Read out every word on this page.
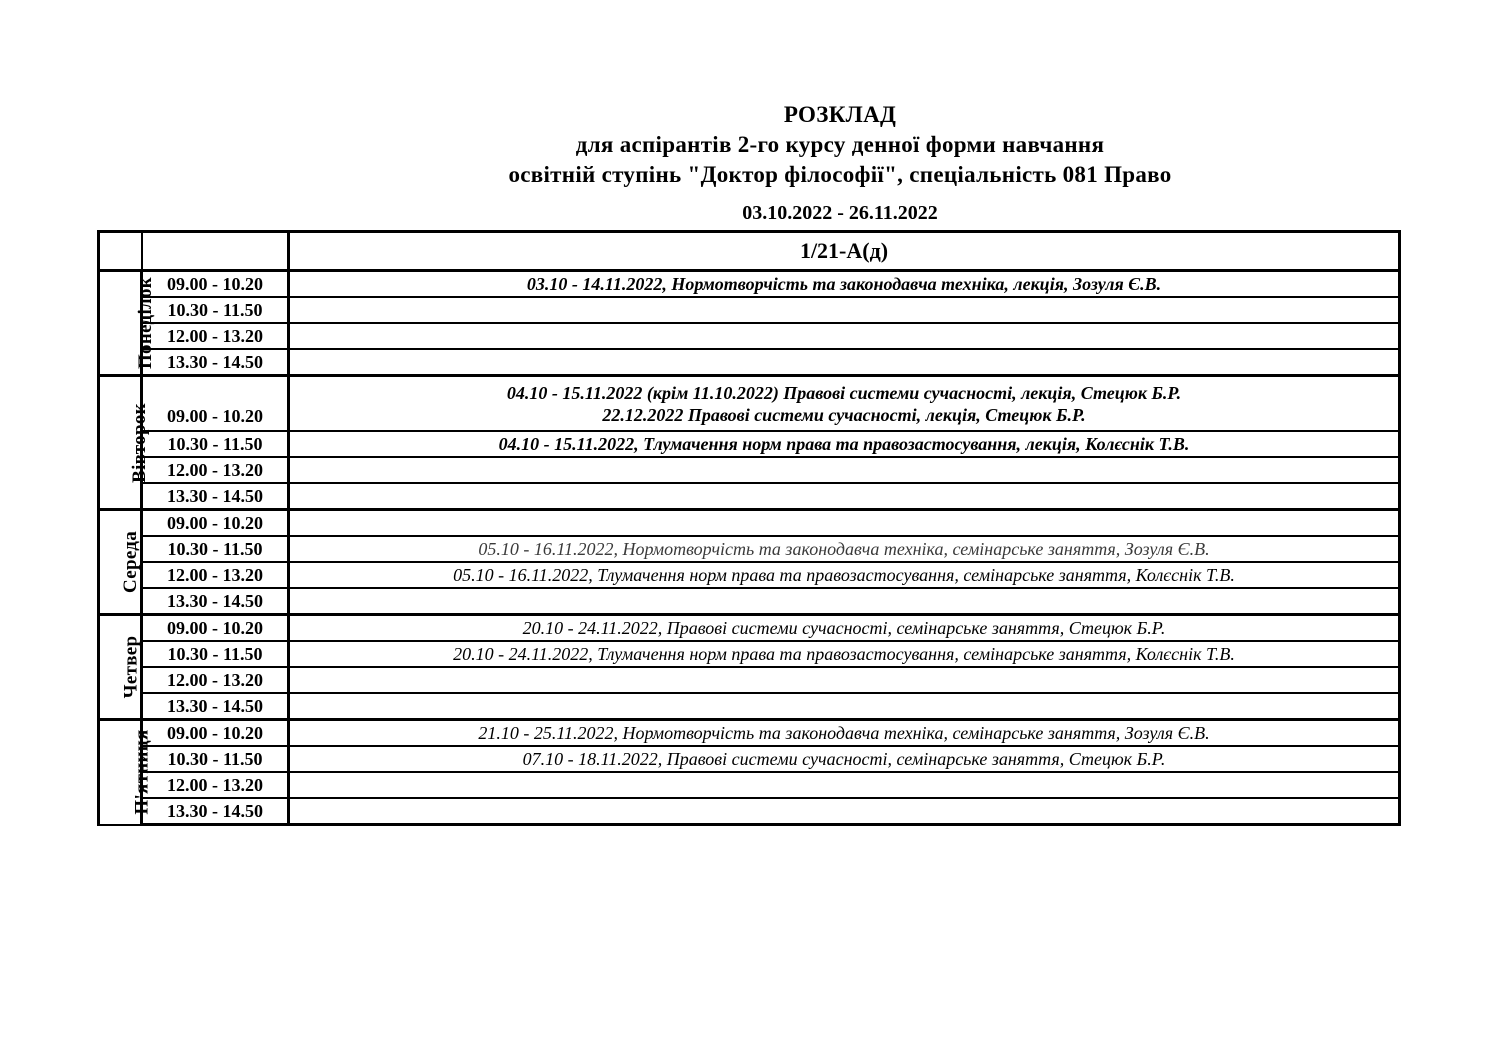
РОЗКЛАД
для аспірантів 2-го курсу денної форми навчання
освітній ступінь "Доктор філософії", спеціальність 081 Право
03.10.2022 - 26.11.2022
		1/21-А(д)
Понеділок	09.00 - 10.20	03.10 - 14.11.2022, Нормотворчість та законодавча техніка, лекція, Зозуля Є.В.
	10.30 - 11.50	
	12.00 - 13.20	
	13.30 - 14.50	
Вівторок	09.00 - 10.20	04.10 - 15.11.2022 (крім 11.10.2022) Правові системи сучасності, лекція, Стецюк Б.Р.
22.12.2022 Правові системи сучасності, лекція, Стецюк Б.Р.

	10.30 - 11.50	04.10 - 15.11.2022, Тлумачення норм права та правозастосування, лекція, Колєснік Т.В.
	12.00 - 13.20	
	13.30 - 14.50	
Середа	09.00 - 10.20	
	10.30 - 11.50	05.10 - 16.11.2022, Нормотворчість та законодавча техніка, семінарське заняття, Зозуля Є.В.
	12.00 - 13.20	05.10 - 16.11.2022, Тлумачення норм права та правозастосування, семінарське заняття, Колєснік Т.В.
	13.30 - 14.50	
Четвер	09.00 - 10.20	20.10 - 24.11.2022, Правові системи сучасності, семінарське заняття, Стецюк Б.Р.
	10.30 - 11.50	20.10 - 24.11.2022, Тлумачення норм права та правозастосування, семінарське заняття, Колєснік Т.В.
	12.00 - 13.20	
	13.30 - 14.50	
П'ятниця	09.00 - 10.20	21.10 - 25.11.2022, Нормотворчість та законодавча техніка, семінарське заняття, Зозуля Є.В.
	10.30 - 11.50	07.10 - 18.11.2022, Правові системи сучасності, семінарське заняття, Стецюк Б.Р.
	12.00 - 13.20	
	13.30 - 14.50	
